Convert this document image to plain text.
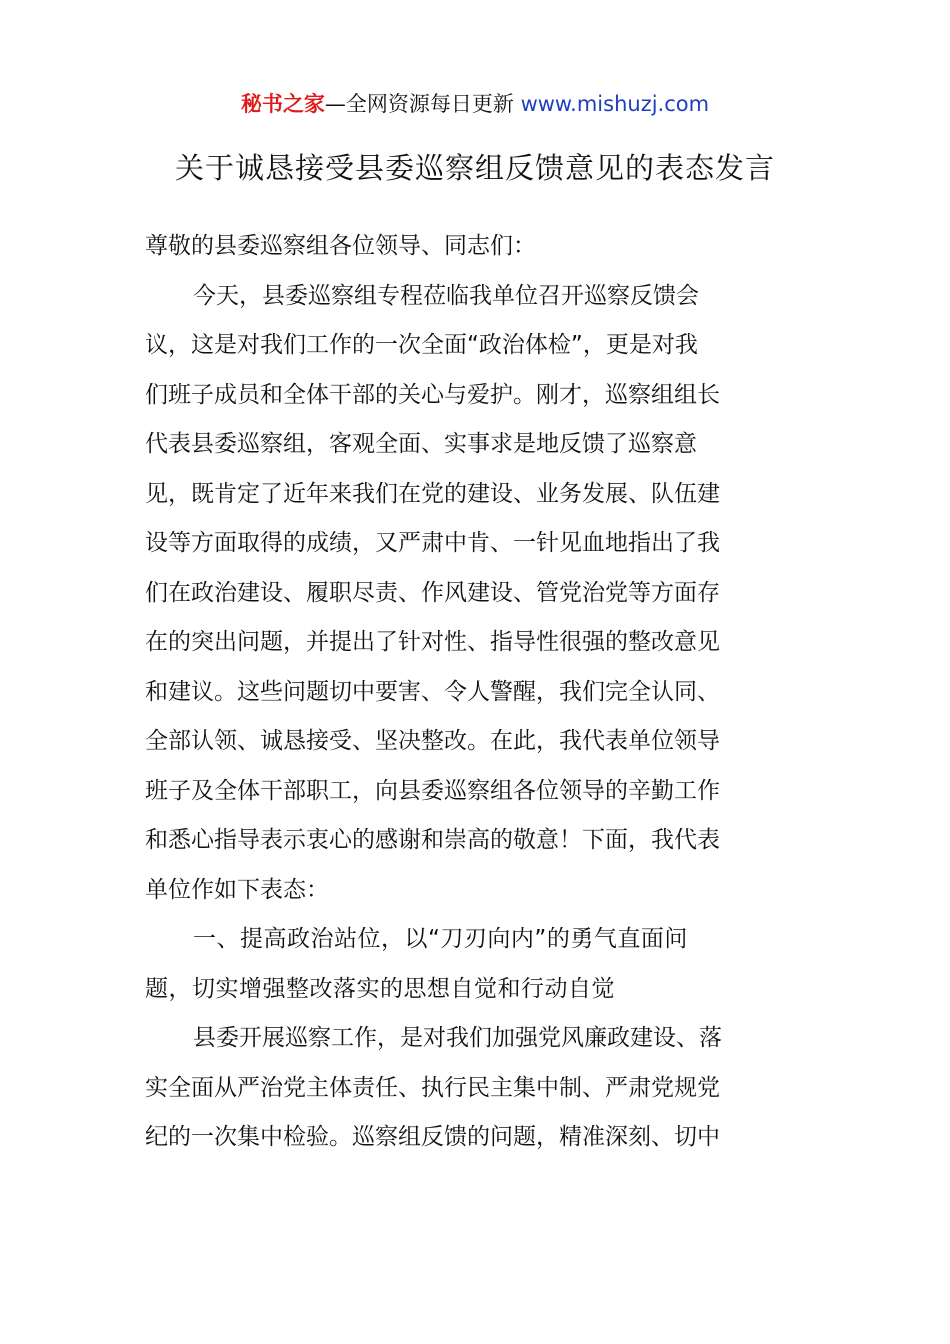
秘书之家—全网资源每日更新 www.mishuzj.com
关于诚恳接受县委巡察组反馈意见的表态发言
尊敬的县委巡察组各位领导、同志们：
今天，县委巡察组专程莅临我单位召开巡察反馈会
议，这是对我们工作的一次全面“政治体检”，更是对我
们班子成员和全体干部的关心与爱护。刚才，巡察组组长
代表县委巡察组，客观全面、实事求是地反馈了巡察意
见，既肯定了近年来我们在党的建设、业务发展、队伍建
设等方面取得的成绩，又严肃中肯、一针见血地指出了我
们在政治建设、履职尽责、作风建设、管党治党等方面存
在的突出问题，并提出了针对性、指导性很强的整改意见
和建议。这些问题切中要害、令人警醒，我们完全认同、
全部认领、诚恳接受、坚决整改。在此，我代表单位领导
班子及全体干部职工，向县委巡察组各位领导的辛勤工作
和悉心指导表示衷心的感谢和崇高的敬意！下面，我代表
单位作如下表态：
一、提高政治站位，以“刀刃向内”的勇气直面问
题，切实增强整改落实的思想自觉和行动自觉
县委开展巡察工作，是对我们加强党风廉政建设、落
实全面从严治党主体责任、执行民主集中制、严肃党规党
纪的一次集中检验。巡察组反馈的问题，精准深刻、切中
